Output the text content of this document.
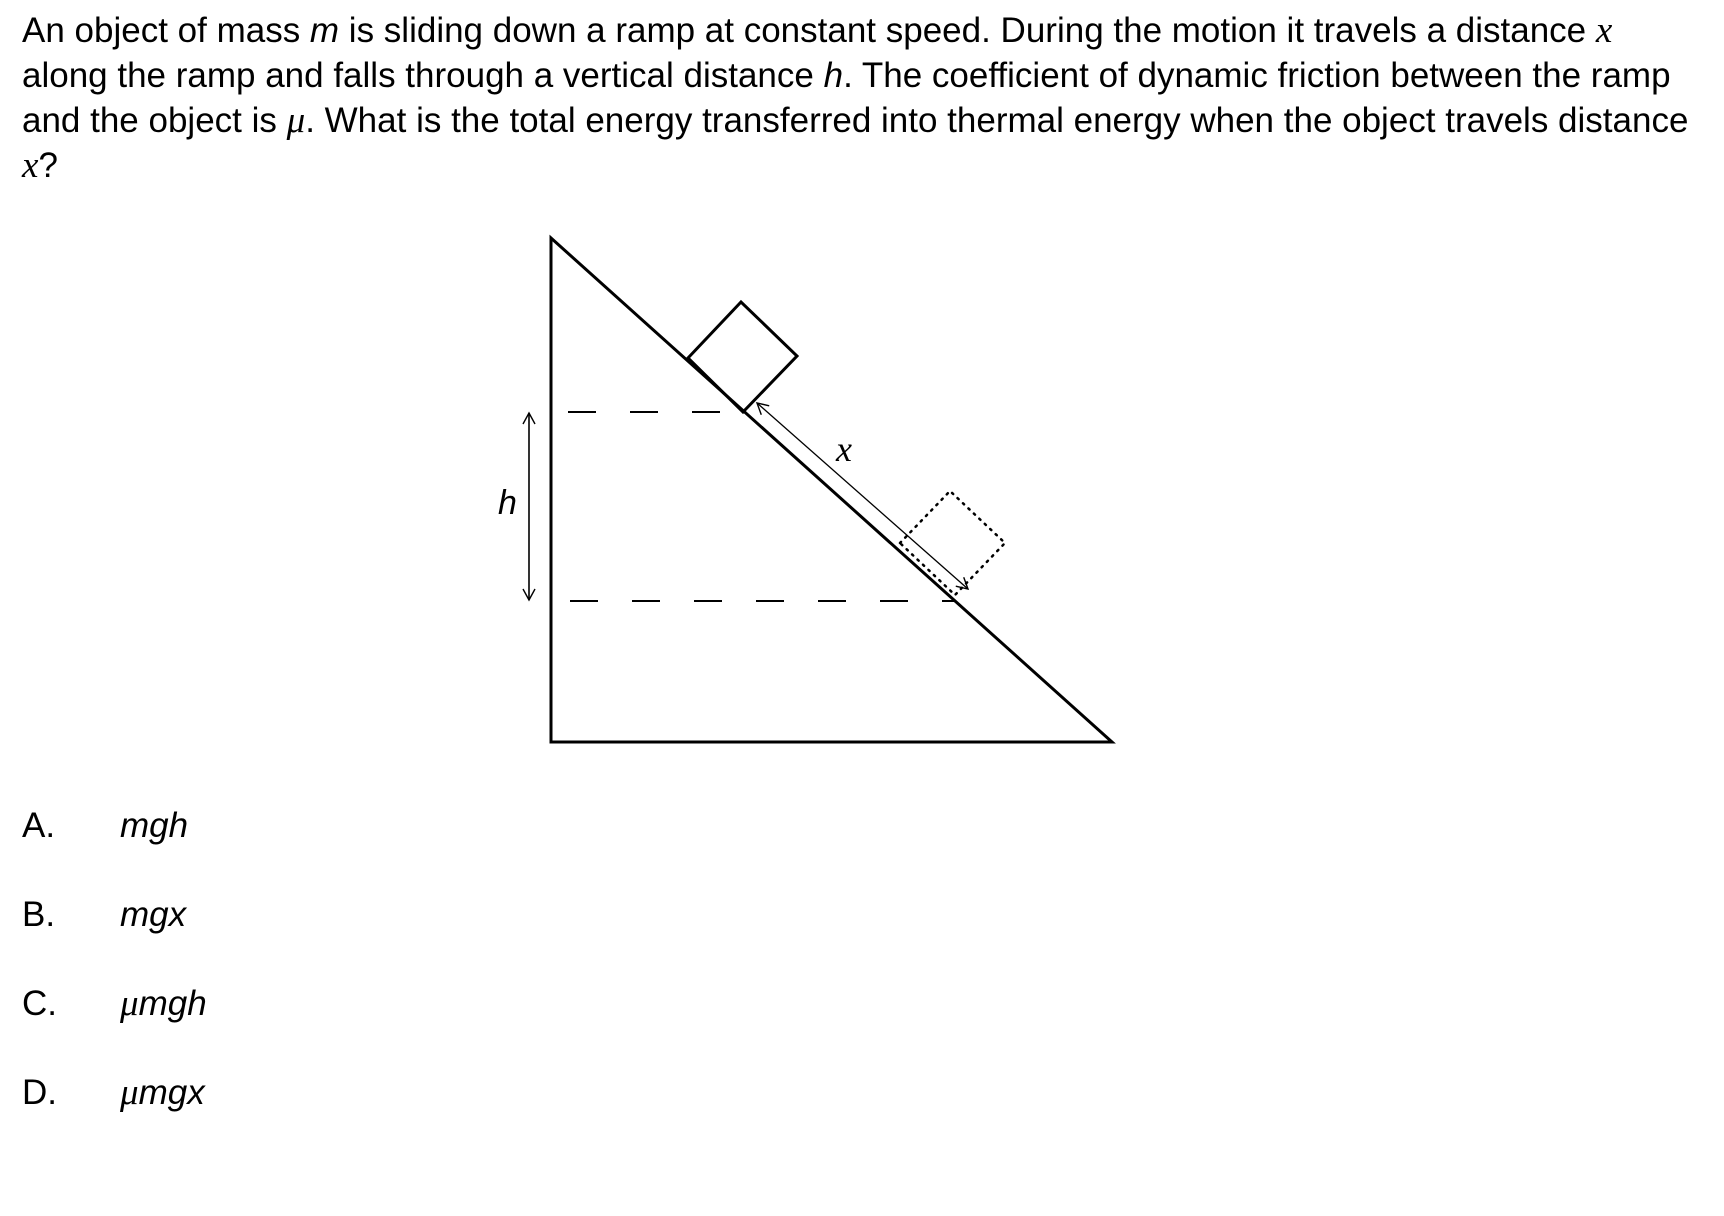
An object of mass m is sliding down a ramp at constant speed. During the motion it travels a distance x along the ramp and falls through a vertical distance h. The coefficient of dynamic friction between the ramp and the object is μ. What is the total energy transferred into thermal energy when the object travels distance x?

h
x
A. mgh
B. mgx
C. μmgh
D. μmgx
